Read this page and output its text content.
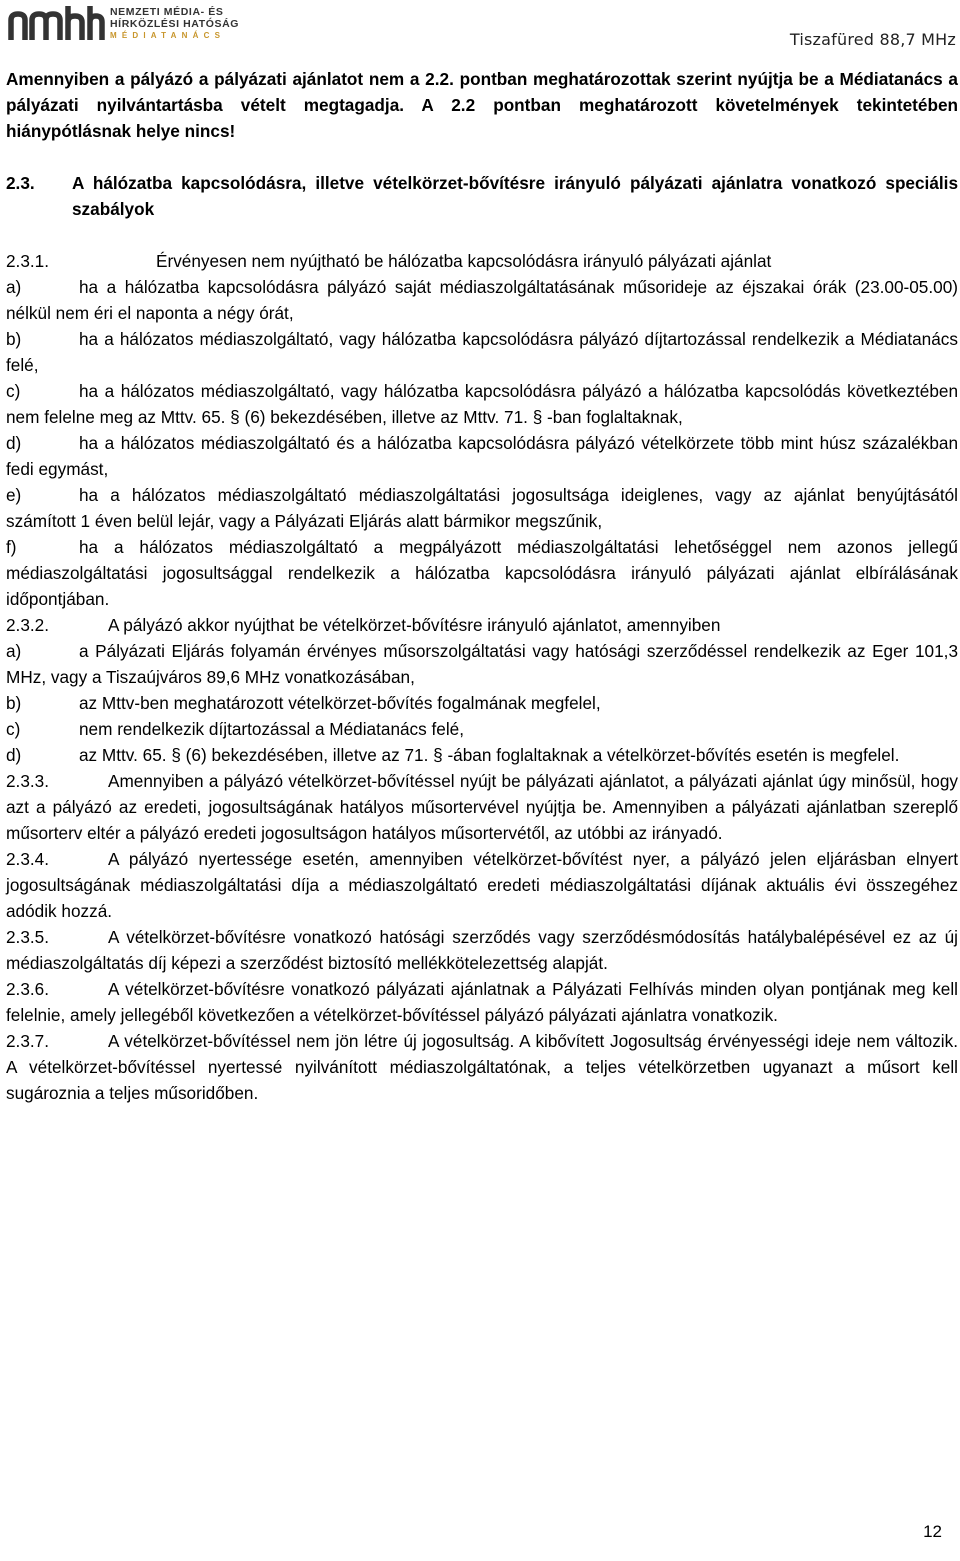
NEMZETI MÉDIA- ÉS
HÍRKÖZLÉSI HATÓSÁG
MÉDIATANÁCS	Tiszafüred 88,7 MHz

Amennyiben a pályázó a pályázati ajánlatot nem a 2.2. pontban meghatározottak szerint nyújtja be a Médiatanács a pályázati nyilvántartásba vételt megtagadja. A 2.2 pontban meghatározott követelmények tekintetében hiánypótlásnak helye nincs!

2.3.	A hálózatba kapcsolódásra, illetve vételkörzet-bővítésre irányuló pályázati ajánlatra vonatkozó speciális szabályok
2.3.1.	Érvényesen nem nyújtható be hálózatba kapcsolódásra irányuló pályázati ajánlat
a)	ha a hálózatba kapcsolódásra pályázó saját médiaszolgáltatásának műsorideje az éjszakai órák (23.00-05.00) nélkül nem éri el naponta a négy órát,
b)	ha a hálózatos médiaszolgáltató, vagy hálózatba kapcsolódásra pályázó díjtartozással rendelkezik a Médiatanács felé,
c)	ha a hálózatos médiaszolgáltató, vagy hálózatba kapcsolódásra pályázó a hálózatba kapcsolódás következtében nem felelne meg az Mttv. 65. § (6) bekezdésében, illetve az Mttv. 71. § -ban foglaltaknak,
d)	ha a hálózatos médiaszolgáltató és a hálózatba kapcsolódásra pályázó vételkörzete több mint húsz százalékban fedi egymást,
e)	ha a hálózatos médiaszolgáltató médiaszolgáltatási jogosultsága ideiglenes, vagy az ajánlat benyújtásától számított 1 éven belül lejár, vagy a Pályázati Eljárás alatt bármikor megszűnik,
f)	ha a hálózatos médiaszolgáltató a megpályázott médiaszolgáltatási lehetőséggel nem azonos jellegű médiaszolgáltatási jogosultsággal rendelkezik a hálózatba kapcsolódásra irányuló pályázati ajánlat elbírálásának időpontjában.
2.3.2.	A pályázó akkor nyújthat be vételkörzet-bővítésre irányuló ajánlatot, amennyiben
a)	a Pályázati Eljárás folyamán érvényes műsorszolgáltatási vagy hatósági szerződéssel rendelkezik az Eger 101,3 MHz, vagy a Tiszaújváros 89,6 MHz vonatkozásában,
b)	az Mttv-ben meghatározott vételkörzet-bővítés fogalmának megfelel,
c)	nem rendelkezik díjtartozással a Médiatanács felé,
d)	az Mttv. 65. § (6) bekezdésében, illetve az 71. § -ában foglaltaknak a vételkörzet-bővítés esetén is megfelel.
2.3.3.	Amennyiben a pályázó vételkörzet-bővítéssel nyújt be pályázati ajánlatot, a pályázati ajánlat úgy minősül, hogy azt a pályázó az eredeti, jogosultságának hatályos műsortervével nyújtja be. Amennyiben a pályázati ajánlatban szereplő műsorterv eltér a pályázó eredeti jogosultságon hatályos műsortervétől, az utóbbi az irányadó.
2.3.4.	A pályázó nyertessége esetén, amennyiben vételkörzet-bővítést nyer, a pályázó jelen eljárásban elnyert jogosultságának médiaszolgáltatási díja a médiaszolgáltató eredeti médiaszolgáltatási díjának aktuális évi összegéhez adódik hozzá.
2.3.5.	A vételkörzet-bővítésre vonatkozó hatósági szerződés vagy szerződésmódosítás hatálybalépésével ez az új médiaszolgáltatás díj képezi a szerződést biztosító mellékkötelezettség alapját.
2.3.6.	A vételkörzet-bővítésre vonatkozó pályázati ajánlatnak a Pályázati Felhívás minden olyan pontjának meg kell felelnie, amely jellegéből következően a vételkörzet-bővítéssel pályázó pályázati ajánlatra vonatkozik.
2.3.7.	A vételkörzet-bővítéssel nem jön létre új jogosultság. A kibővített Jogosultság érvényességi ideje nem változik. A vételkörzet-bővítéssel nyertessé nyilvánított médiaszolgáltatónak, a teljes vételkörzetben ugyanazt a műsort kell sugároznia a teljes műsoridőben.
12
